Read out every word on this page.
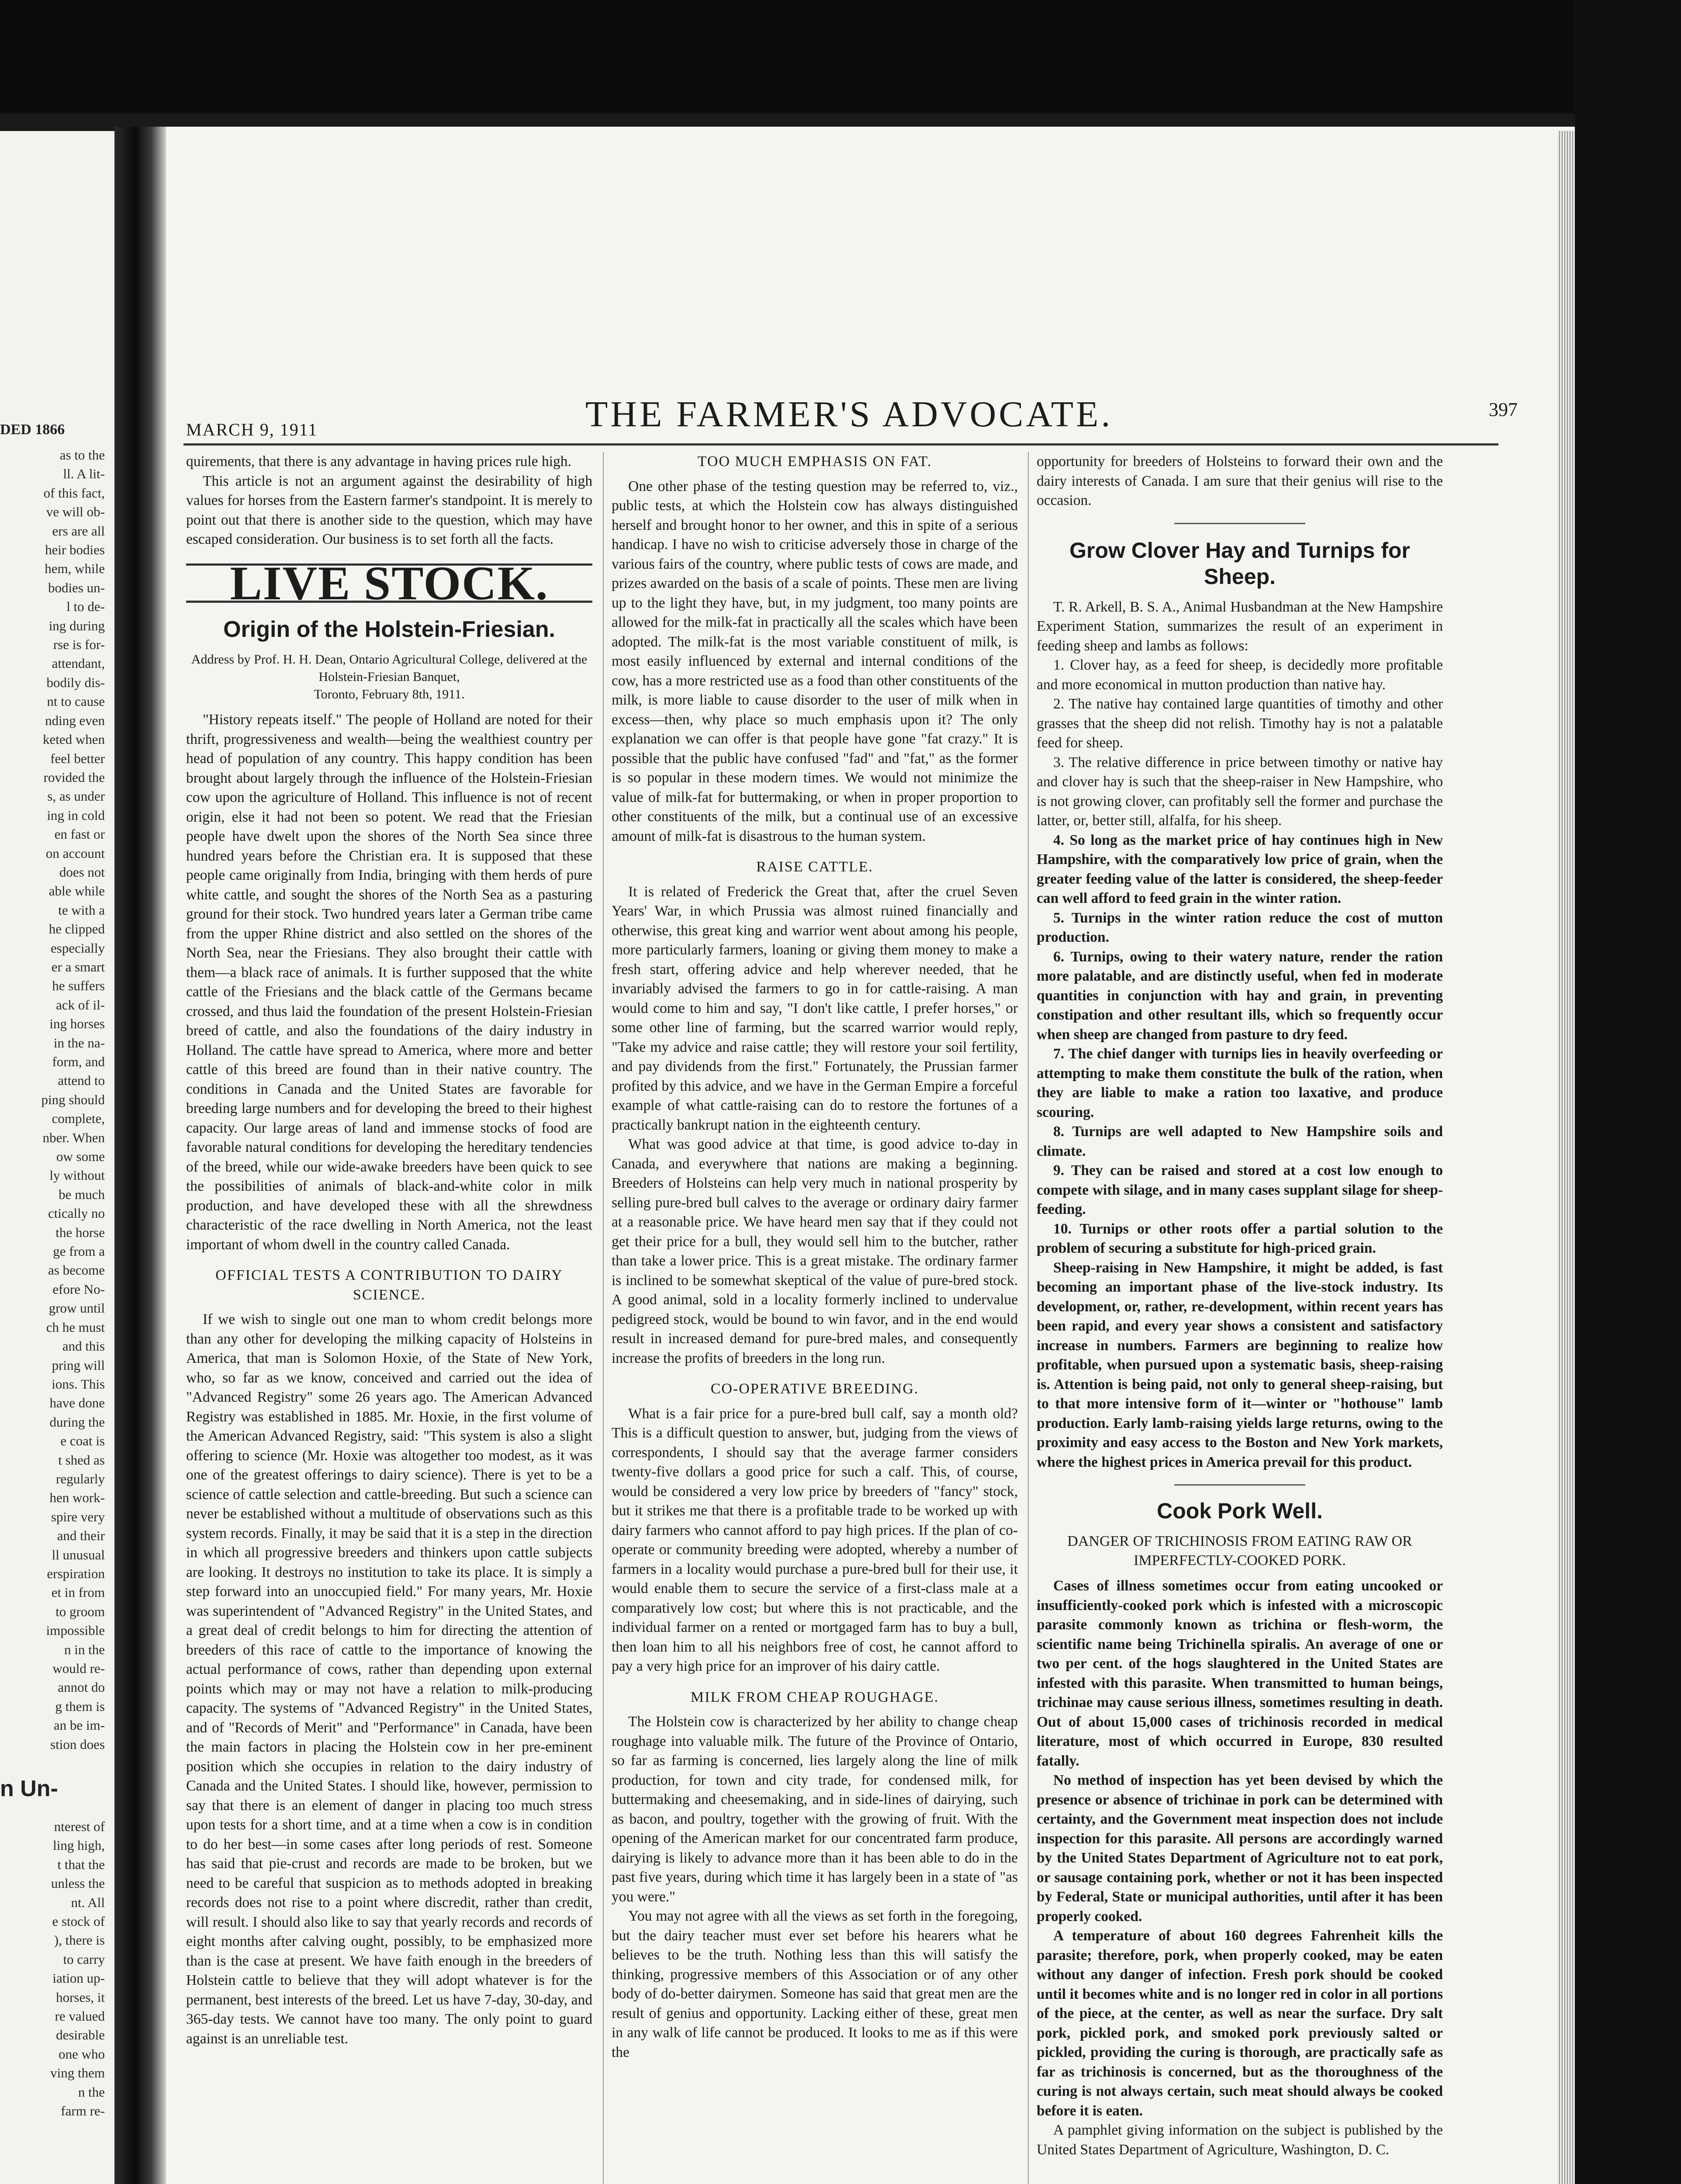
DED 1866
as to the
ll. A lit-
of this fact,
ve will ob-
ers are all
heir bodies
hem, while
bodies un-
l to de-
ing during
rse is for-
attendant,
bodily dis-
nt to cause
nding even
keted when
feel better
rovided the
s, as under
ing in cold
en fast or
on account
does not
able while
te with a
he clipped
especially
er a smart
he suffers
ack of il-
ing horses
in the na-
form, and
attend to
ping should
complete,
nber. When
ow some
ly without
be much
ctically no
the horse
ge from a
as become
efore No-
grow until
ch he must
and this
pring will
ions. This
have done
during the
e coat is
t shed as
regularly
hen work-
spire very
and their
ll unusual
erspiration
et in from
to groom
impossible
n in the
would re-
annot do
g them is
an be im-
stion does
n Un-
nterest of
ling high,
t that the
unless the
nt. All
e stock of
), there is
to carry
iation up-
horses, it
re valued
desirable
one who
ving them
n the
farm re-
MARCH 9, 1911	THE FARMER'S ADVOCATE.	397

quirements, that there is any advantage in having prices rule high.

This article is not an argument against the desirability of high values for horses from the Eastern farmer's standpoint. It is merely to point out that there is another side to the question, which may have escaped consideration. Our business is to set forth all the facts.

LIVE STOCK.
Origin of the Holstein-Friesian.
Address by Prof. H. H. Dean, Ontario Agricultural College, delivered at the Holstein-Friesian Banquet,
Toronto, February 8th, 1911.

"History repeats itself." The people of Holland are noted for their thrift, progressiveness and wealth—being the wealthiest country per head of population of any country. This happy condition has been brought about largely through the influence of the Holstein-Friesian cow upon the agriculture of Holland. This influence is not of recent origin, else it had not been so potent. We read that the Friesian people have dwelt upon the shores of the North Sea since three hundred years before the Christian era. It is supposed that these people came originally from India, bringing with them herds of pure white cattle, and sought the shores of the North Sea as a pasturing ground for their stock. Two hundred years later a German tribe came from the upper Rhine district and also settled on the shores of the North Sea, near the Friesians. They also brought their cattle with them—a black race of animals. It is further supposed that the white cattle of the Friesians and the black cattle of the Germans became crossed, and thus laid the foundation of the present Holstein-Friesian breed of cattle, and also the foundations of the dairy industry in Holland. The cattle have spread to America, where more and better cattle of this breed are found than in their native country. The conditions in Canada and the United States are favorable for breeding large numbers and for developing the breed to their highest capacity. Our large areas of land and immense stocks of food are favorable natural conditions for developing the hereditary tendencies of the breed, while our wide-awake breeders have been quick to see the possibilities of animals of black-and-white color in milk production, and have developed these with all the shrewdness characteristic of the race dwelling in North America, not the least important of whom dwell in the country called Canada.

OFFICIAL TESTS A CONTRIBUTION TO DAIRY SCIENCE.

If we wish to single out one man to whom credit belongs more than any other for developing the milking capacity of Holsteins in America, that man is Solomon Hoxie, of the State of New York, who, so far as we know, conceived and carried out the idea of "Advanced Registry" some 26 years ago. The American Advanced Registry was established in 1885. Mr. Hoxie, in the first volume of the American Advanced Registry, said: "This system is also a slight offering to science (Mr. Hoxie was altogether too modest, as it was one of the greatest offerings to dairy science). There is yet to be a science of cattle selection and cattle-breeding. But such a science can never be established without a multitude of observations such as this system records. Finally, it may be said that it is a step in the direction in which all progressive breeders and thinkers upon cattle subjects are looking. It destroys no institution to take its place. It is simply a step forward into an unoccupied field." For many years, Mr. Hoxie was superintendent of "Advanced Registry" in the United States, and a great deal of credit belongs to him for directing the attention of breeders of this race of cattle to the importance of knowing the actual performance of cows, rather than depending upon external points which may or may not have a relation to milk-producing capacity. The systems of "Advanced Registry" in the United States, and of "Records of Merit" and "Performance" in Canada, have been the main factors in placing the Holstein cow in her pre-eminent position which she occupies in relation to the dairy industry of Canada and the United States. I should like, however, permission to say that there is an element of danger in placing too much stress upon tests for a short time, and at a time when a cow is in condition to do her best—in some cases after long periods of rest. Someone has said that pie-crust and records are made to be broken, but we need to be careful that suspicion as to methods adopted in breaking records does not rise to a point where discredit, rather than credit, will result. I should also like to say that yearly records and records of eight months after calving ought, possibly, to be emphasized more than is the case at present. We have faith enough in the breeders of Holstein cattle to believe that they will adopt whatever is for the permanent, best interests of the breed. Let us have 7-day, 30-day, and 365-day tests. We cannot have too many. The only point to guard against is an unreliable test.

TOO MUCH EMPHASIS ON FAT.

One other phase of the testing question may be referred to, viz., public tests, at which the Holstein cow has always distinguished herself and brought honor to her owner, and this in spite of a serious handicap. I have no wish to criticise adversely those in charge of the various fairs of the country, where public tests of cows are made, and prizes awarded on the basis of a scale of points. These men are living up to the light they have, but, in my judgment, too many points are allowed for the milk-fat in practically all the scales which have been adopted. The milk-fat is the most variable constituent of milk, is most easily influenced by external and internal conditions of the cow, has a more restricted use as a food than other constituents of the milk, is more liable to cause disorder to the user of milk when in excess—then, why place so much emphasis upon it? The only explanation we can offer is that people have gone "fat crazy." It is possible that the public have confused "fad" and "fat," as the former is so popular in these modern times. We would not minimize the value of milk-fat for buttermaking, or when in proper proportion to other constituents of the milk, but a continual use of an excessive amount of milk-fat is disastrous to the human system.

RAISE CATTLE.

It is related of Frederick the Great that, after the cruel Seven Years' War, in which Prussia was almost ruined financially and otherwise, this great king and warrior went about among his people, more particularly farmers, loaning or giving them money to make a fresh start, offering advice and help wherever needed, that he invariably advised the farmers to go in for cattle-raising. A man would come to him and say, "I don't like cattle, I prefer horses," or some other line of farming, but the scarred warrior would reply, "Take my advice and raise cattle; they will restore your soil fertility, and pay dividends from the first." Fortunately, the Prussian farmer profited by this advice, and we have in the German Empire a forceful example of what cattle-raising can do to restore the fortunes of a practically bankrupt nation in the eighteenth century.

What was good advice at that time, is good advice to-day in Canada, and everywhere that nations are making a beginning. Breeders of Holsteins can help very much in national prosperity by selling pure-bred bull calves to the average or ordinary dairy farmer at a reasonable price. We have heard men say that if they could not get their price for a bull, they would sell him to the butcher, rather than take a lower price. This is a great mistake. The ordinary farmer is inclined to be somewhat skeptical of the value of pure-bred stock. A good animal, sold in a locality formerly inclined to undervalue pedigreed stock, would be bound to win favor, and in the end would result in increased demand for pure-bred males, and consequently increase the profits of breeders in the long run.

CO-OPERATIVE BREEDING.

What is a fair price for a pure-bred bull calf, say a month old? This is a difficult question to answer, but, judging from the views of correspondents, I should say that the average farmer considers twenty-five dollars a good price for such a calf. This, of course, would be considered a very low price by breeders of "fancy" stock, but it strikes me that there is a profitable trade to be worked up with dairy farmers who cannot afford to pay high prices. If the plan of co-operate or community breeding were adopted, whereby a number of farmers in a locality would purchase a pure-bred bull for their use, it would enable them to secure the service of a first-class male at a comparatively low cost; but where this is not practicable, and the individual farmer on a rented or mortgaged farm has to buy a bull, then loan him to all his neighbors free of cost, he cannot afford to pay a very high price for an improver of his dairy cattle.

MILK FROM CHEAP ROUGHAGE.

The Holstein cow is characterized by her ability to change cheap roughage into valuable milk. The future of the Province of Ontario, so far as farming is concerned, lies largely along the line of milk production, for town and city trade, for condensed milk, for buttermaking and cheesemaking, and in side-lines of dairying, such as bacon, and poultry, together with the growing of fruit. With the opening of the American market for our concentrated farm produce, dairying is likely to advance more than it has been able to do in the past five years, during which time it has largely been in a state of "as you were."

You may not agree with all the views as set forth in the foregoing, but the dairy teacher must ever set before his hearers what he believes to be the truth. Nothing less than this will satisfy the thinking, progressive members of this Association or of any other body of do-better dairymen. Someone has said that great men are the result of genius and opportunity. Lacking either of these, great men in any walk of life cannot be produced. It looks to me as if this were the

opportunity for breeders of Holsteins to forward their own and the dairy interests of Canada. I am sure that their genius will rise to the occasion.

Grow Clover Hay and Turnips for Sheep.

T. R. Arkell, B. S. A., Animal Husbandman at the New Hampshire Experiment Station, summarizes the result of an experiment in feeding sheep and lambs as follows:

1. Clover hay, as a feed for sheep, is decidedly more profitable and more economical in mutton production than native hay.

2. The native hay contained large quantities of timothy and other grasses that the sheep did not relish. Timothy hay is not a palatable feed for sheep.

3. The relative difference in price between timothy or native hay and clover hay is such that the sheep-raiser in New Hampshire, who is not growing clover, can profitably sell the former and purchase the latter, or, better still, alfalfa, for his sheep.

4. So long as the market price of hay continues high in New Hampshire, with the comparatively low price of grain, when the greater feeding value of the latter is considered, the sheep-feeder can well afford to feed grain in the winter ration.

5. Turnips in the winter ration reduce the cost of mutton production.

6. Turnips, owing to their watery nature, render the ration more palatable, and are distinctly useful, when fed in moderate quantities in conjunction with hay and grain, in preventing constipation and other resultant ills, which so frequently occur when sheep are changed from pasture to dry feed.

7. The chief danger with turnips lies in heavily overfeeding or attempting to make them constitute the bulk of the ration, when they are liable to make a ration too laxative, and produce scouring.

8. Turnips are well adapted to New Hampshire soils and climate.

9. They can be raised and stored at a cost low enough to compete with silage, and in many cases supplant silage for sheep-feeding.

10. Turnips or other roots offer a partial solution to the problem of securing a substitute for high-priced grain.

Sheep-raising in New Hampshire, it might be added, is fast becoming an important phase of the live-stock industry. Its development, or, rather, re-development, within recent years has been rapid, and every year shows a consistent and satisfactory increase in numbers. Farmers are beginning to realize how profitable, when pursued upon a systematic basis, sheep-raising is. Attention is being paid, not only to general sheep-raising, but to that more intensive form of it—winter or "hothouse" lamb production. Early lamb-raising yields large returns, owing to the proximity and easy access to the Boston and New York markets, where the highest prices in America prevail for this product.

Cook Pork Well.
DANGER OF TRICHINOSIS FROM EATING RAW OR IMPERFECTLY-COOKED PORK.

Cases of illness sometimes occur from eating uncooked or insufficiently-cooked pork which is infested with a microscopic parasite commonly known as trichina or flesh-worm, the scientific name being Trichinella spiralis. An average of one or two per cent. of the hogs slaughtered in the United States are infested with this parasite. When transmitted to human beings, trichinae may cause serious illness, sometimes resulting in death. Out of about 15,000 cases of trichinosis recorded in medical literature, most of which occurred in Europe, 830 resulted fatally.

No method of inspection has yet been devised by which the presence or absence of trichinae in pork can be determined with certainty, and the Government meat inspection does not include inspection for this parasite. All persons are accordingly warned by the United States Department of Agriculture not to eat pork, or sausage containing pork, whether or not it has been inspected by Federal, State or municipal authorities, until after it has been properly cooked.

A temperature of about 160 degrees Fahrenheit kills the parasite; therefore, pork, when properly cooked, may be eaten without any danger of infection. Fresh pork should be cooked until it becomes white and is no longer red in color in all portions of the piece, at the center, as well as near the surface. Dry salt pork, pickled pork, and smoked pork previously salted or pickled, providing the curing is thorough, are practically safe as far as trichinosis is concerned, but as the thoroughness of the curing is not always certain, such meat should always be cooked before it is eaten.

A pamphlet giving information on the subject is published by the United States Department of Agriculture, Washington, D. C.
